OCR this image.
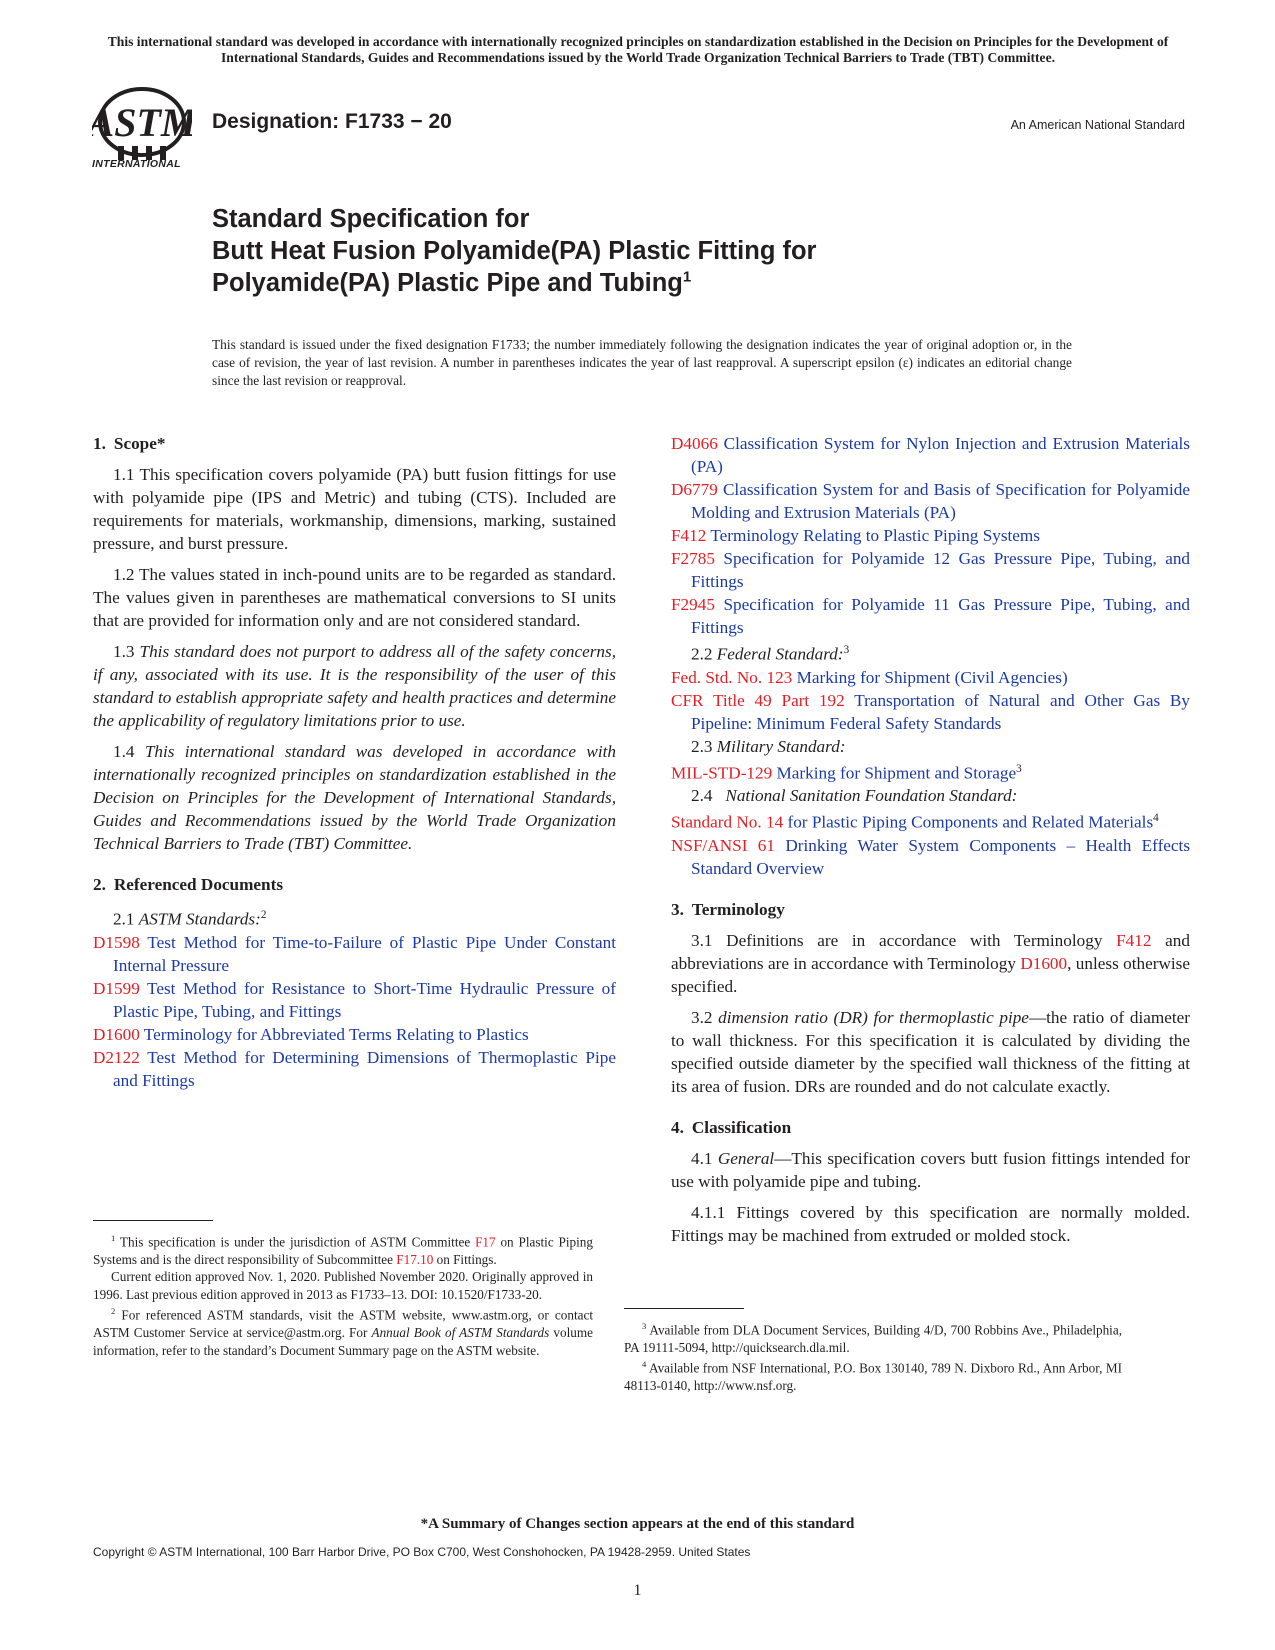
This international standard was developed in accordance with internationally recognized principles on standardization established in the Decision on Principles for the Development of International Standards, Guides and Recommendations issued by the World Trade Organization Technical Barriers to Trade (TBT) Committee.
ASTM
INTERNATIONAL
Designation: F1733 − 20	An American National Standard
Standard Specification for
Butt Heat Fusion Polyamide(PA) Plastic Fitting for
Polyamide(PA) Plastic Pipe and Tubing$^1$
This standard is issued under the fixed designation F1733; the number immediately following the designation indicates the year of original adoption or, in the case of revision, the year of last revision. A number in parentheses indicates the year of last reapproval. A superscript epsilon (ε) indicates an editorial change since the last revision or reapproval.

1. Scope*

1.1 This specification covers polyamide (PA) butt fusion fittings for use with polyamide pipe (IPS and Metric) and tubing (CTS). Included are requirements for materials, workmanship, dimensions, marking, sustained pressure, and burst pressure.

1.2 The values stated in inch-pound units are to be regarded as standard. The values given in parentheses are mathematical conversions to SI units that are provided for information only and are not considered standard.

1.3 This standard does not purport to address all of the safety concerns, if any, associated with its use. It is the responsibility of the user of this standard to establish appropriate safety and health practices and determine the applicability of regulatory limitations prior to use.

1.4 This international standard was developed in accordance with internationally recognized principles on standardization established in the Decision on Principles for the Development of International Standards, Guides and Recommendations issued by the World Trade Organization Technical Barriers to Trade (TBT) Committee.

2. Referenced Documents

2.1 ASTM Standards:$^2$

D1598 Test Method for Time-to-Failure of Plastic Pipe Under Constant Internal Pressure

D1599 Test Method for Resistance to Short-Time Hydraulic Pressure of Plastic Pipe, Tubing, and Fittings

D1600 Terminology for Abbreviated Terms Relating to Plastics

D2122 Test Method for Determining Dimensions of Thermoplastic Pipe and Fittings

D4066 Classification System for Nylon Injection and Extrusion Materials (PA)

D6779 Classification System for and Basis of Specification for Polyamide Molding and Extrusion Materials (PA)

F412 Terminology Relating to Plastic Piping Systems

F2785 Specification for Polyamide 12 Gas Pressure Pipe, Tubing, and Fittings

F2945 Specification for Polyamide 11 Gas Pressure Pipe, Tubing, and Fittings

2.2 Federal Standard:$^3$

Fed. Std. No. 123 Marking for Shipment (Civil Agencies)

CFR Title 49 Part 192 Transportation of Natural and Other Gas By Pipeline: Minimum Federal Safety Standards

2.3 Military Standard:

MIL-STD-129 Marking for Shipment and Storage$^3$

2.4 National Sanitation Foundation Standard:

Standard No. 14 for Plastic Piping Components and Related Materials$^4$

NSF/ANSI 61 Drinking Water System Components – Health Effects Standard Overview

3. Terminology

3.1 Definitions are in accordance with Terminology F412 and abbreviations are in accordance with Terminology D1600, unless otherwise specified.

3.2 dimension ratio (DR) for thermoplastic pipe—the ratio of diameter to wall thickness. For this specification it is calculated by dividing the specified outside diameter by the specified wall thickness of the fitting at its area of fusion. DRs are rounded and do not calculate exactly.

4. Classification

4.1 General—This specification covers butt fusion fittings intended for use with polyamide pipe and tubing.

4.1.1 Fittings covered by this specification are normally molded. Fittings may be machined from extruded or molded stock.

$^1$ This specification is under the jurisdiction of ASTM Committee F17 on Plastic Piping Systems and is the direct responsibility of Subcommittee F17.10 on Fittings.

Current edition approved Nov. 1, 2020. Published November 2020. Originally approved in 1996. Last previous edition approved in 2013 as F1733–13. DOI: 10.1520/F1733-20.

$^2$ For referenced ASTM standards, visit the ASTM website, www.astm.org, or contact ASTM Customer Service at service@astm.org. For Annual Book of ASTM Standards volume information, refer to the standard’s Document Summary page on the ASTM website.

$^3$ Available from DLA Document Services, Building 4/D, 700 Robbins Ave., Philadelphia, PA 19111-5094, http://quicksearch.dla.mil.

$^4$ Available from NSF International, P.O. Box 130140, 789 N. Dixboro Rd., Ann Arbor, MI 48113-0140, http://www.nsf.org.

*A Summary of Changes section appears at the end of this standard
Copyright © ASTM International, 100 Barr Harbor Drive, PO Box C700, West Conshohocken, PA 19428-2959. United States
1
